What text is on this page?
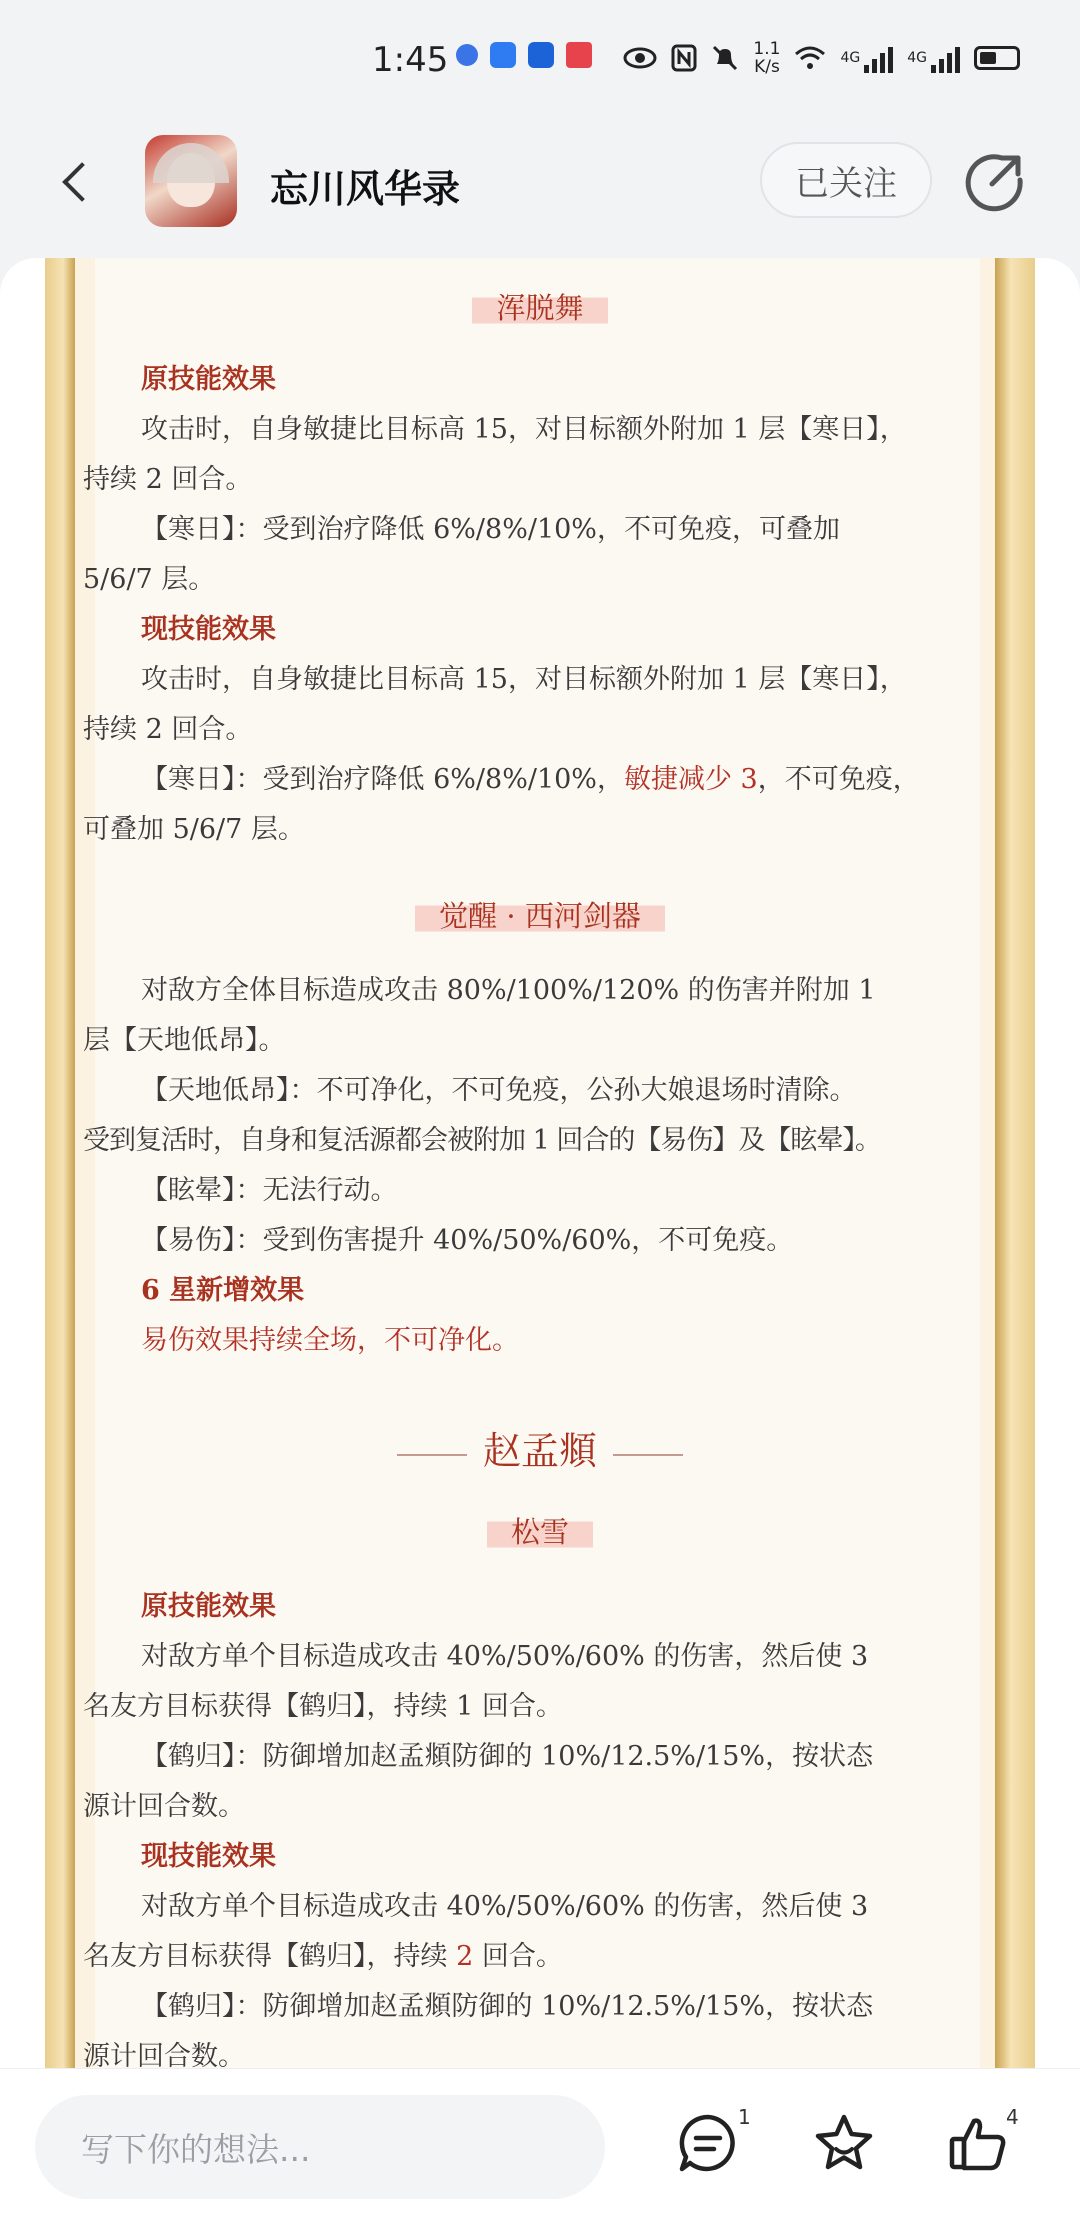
1:45	1.1
K/s	4G	4G
忘川风华录	已关注
浑脱舞
原技能效果
攻击时，自身敏捷比目标高 15，对目标额外附加 1 层【寒日】，
持续 2 回合。
【寒日】：受到治疗降低 6%/8%/10%，不可免疫，可叠加
5/6/7 层。
现技能效果
攻击时，自身敏捷比目标高 15，对目标额外附加 1 层【寒日】，
持续 2 回合。
【寒日】：受到治疗降低 6%/8%/10%，敏捷减少 3，不可免疫，
可叠加 5/6/7 层。
觉醒 · 西河剑器
对敌方全体目标造成攻击 80%/100%/120% 的伤害并附加 1
层【天地低昂】。
【天地低昂】：不可净化，不可免疫，公孙大娘退场时清除。
受到复活时，自身和复活源都会被附加 1 回合的【易伤】及【眩晕】。
【眩晕】：无法行动。
【易伤】：受到伤害提升 40%/50%/60%，不可免疫。
6 星新增效果
易伤效果持续全场，不可净化。
赵孟頫
松雪
原技能效果
对敌方单个目标造成攻击 40%/50%/60% 的伤害，然后使 3
名友方目标获得【鹤归】，持续 1 回合。
【鹤归】：防御增加赵孟頫防御的 10%/12.5%/15%，按状态
源计回合数。
现技能效果
对敌方单个目标造成攻击 40%/50%/60% 的伤害，然后使 3
名友方目标获得【鹤归】，持续 2 回合。
【鹤归】：防御增加赵孟頫防御的 10%/12.5%/15%，按状态
源计回合数。
写下你的想法...
1	4
